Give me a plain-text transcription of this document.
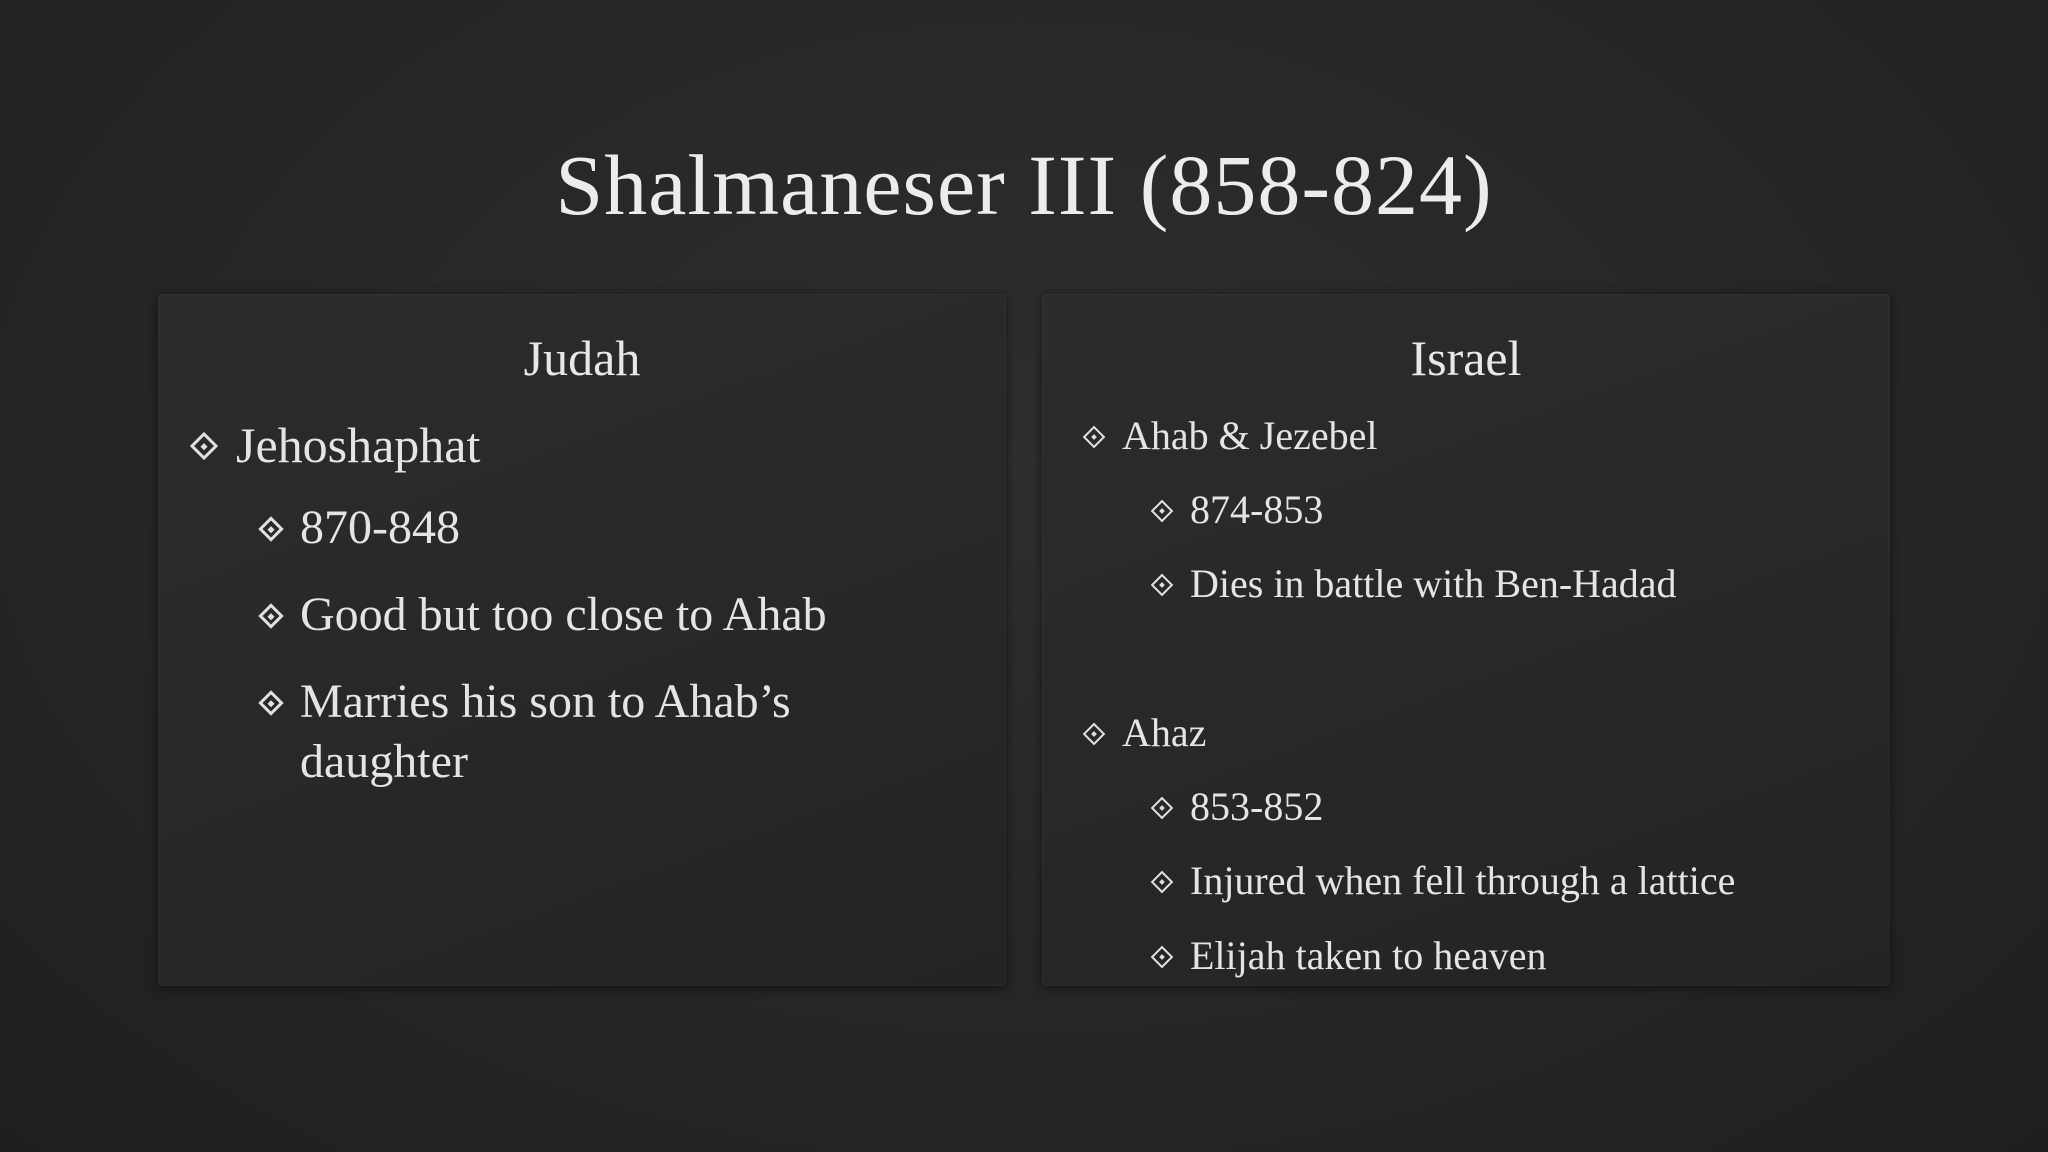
Shalmaneser III (858-824)
Judah
Jehoshaphat
870-848
Good but too close to Ahab
Marries his son to Ahab’s daughter
Israel
Ahab & Jezebel
874-853
Dies in battle with Ben-Hadad
Ahaz
853-852
Injured when fell through a lattice
Elijah taken to heaven
